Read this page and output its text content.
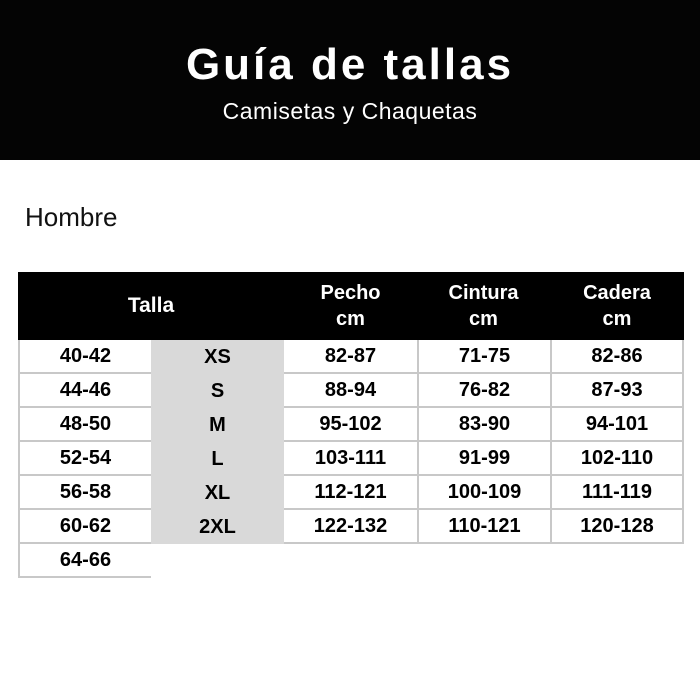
Guía de tallas
Camisetas y Chaquetas
Hombre
Talla
Pecho
cm
Cintura
cm
Cadera
cm
40-42	XS	82-87	71-75	82-86
44-46	S	88-94	76-82	87-93
48-50	M	95-102	83-90	94-101
52-54	L	103-111	91-99	102-110
56-58	XL	112-121	100-109	111-119
60-62	2XL	122-132	110-121	120-128
64-66
